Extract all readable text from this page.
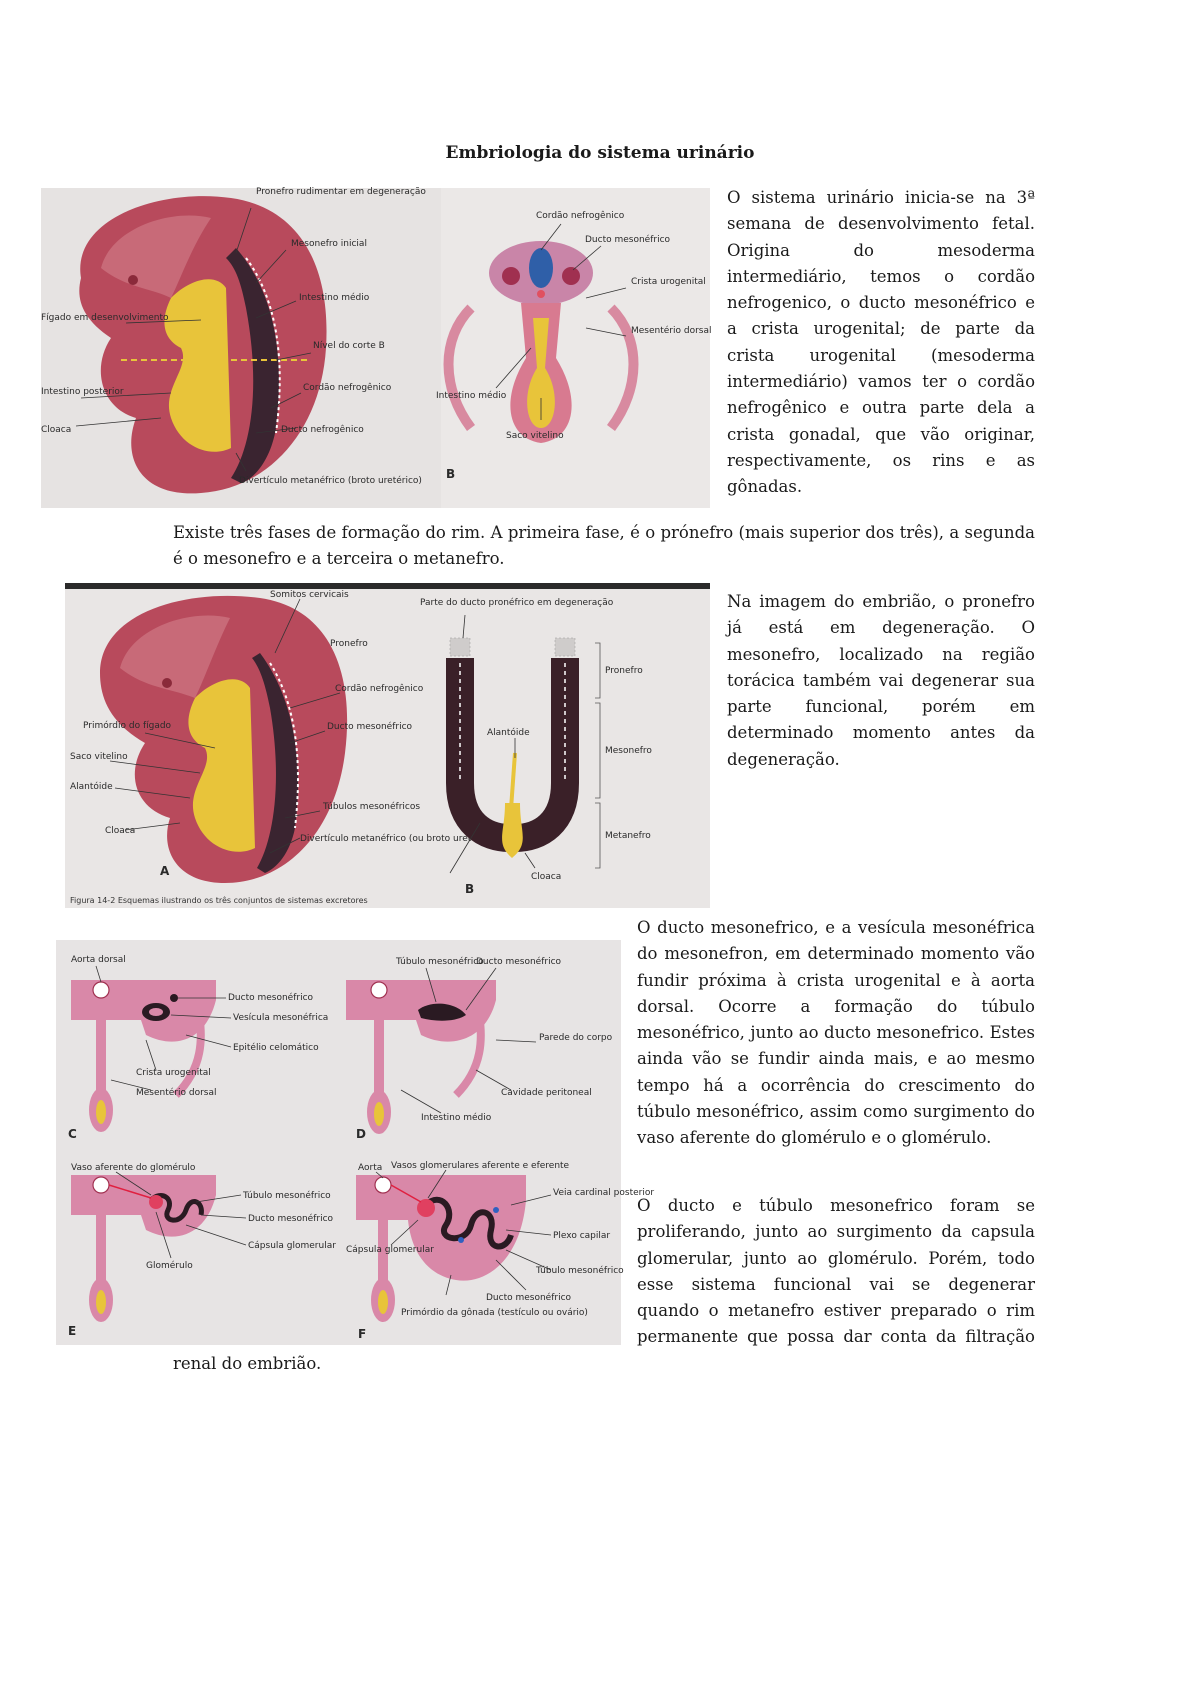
Embriologia do sistema urinário
Pronefro rudimentar em degeneração
Mesonefro inicial
Intestino médio
Fígado em desenvolvimento
Nível do corte B
Intestino posterior	Cordão nefrogênico
Cloaca	Ducto nefrogênico
Divertículo metanéfrico (broto uretérico)
Cordão nefrogênico
Ducto mesonéfrico
Crista urogenital
Mesentério dorsal
Intestino médio
Saco vitelino
B

O sistema urinário inicia-se na 3ª semana de desenvolvimento fetal. Origina do mesoderma intermediário, temos o cordão nefrogenico, o ducto mesonéfrico e a crista urogenital; de parte da crista urogenital (mesoderma intermediário) vamos ter o cordão nefrogênico e outra parte dela a crista gonadal, que vão originar, respectivamente, os rins e as gônadas.

Existe três fases de formação do rim. A primeira fase, é o prónefro (mais superior dos três), a segunda é o mesonefro e a terceira o metanefro.

Somitos cervicais
Pronefro
Cordão nefrogênico
Primórdio do fígado	Ducto mesonéfrico
Saco vitelino
Alantóide
Túbulos mesonéfricos
Cloaca
Divertículo metanéfrico (ou broto uretérico)
A
B
Parte do ducto pronéfrico em degeneração
Alantóide
Cloaca
Pronefro
Mesonefro
Metanefro
Figura 14-2 Esquemas ilustrando os três conjuntos de sistemas excretores

Na imagem do embrião, o pronefro já está em degeneração. O mesonefro, localizado na região torácica também vai degenerar sua parte funcional, porém em determinado momento antes da degeneração.

Aorta dorsal
Ducto mesonéfrico
Vesícula mesonéfrica
Epitélio celomático
Crista urogenital
Mesentério dorsal
C
Túbulo mesonéfrico
Ducto mesonéfrico
Parede do corpo
Cavidade peritoneal
Intestino médio
D
Vaso aferente do glomérulo
Túbulo mesonéfrico
Ducto mesonéfrico
Cápsula glomerular
Glomérulo
E
Aorta Vasos glomerulares aferente e eferente
Veia cardinal posterior
Plexo capilar
Cápsula glomerular
Túbulo mesonéfrico
Ducto mesonéfrico
Primórdio da gônada (testículo ou ovário)
F

O ducto mesonefrico, e a vesícula mesonéfrica do mesonefron, em determinado momento vão fundir próxima à crista urogenital e à aorta dorsal. Ocorre a formação do túbulo mesonéfrico, junto ao ducto mesonefrico. Estes ainda vão se fundir ainda mais, e ao mesmo tempo há a ocorrência do crescimento do túbulo mesonéfrico, assim como surgimento do vaso aferente do glomérulo e o glomérulo.

O ducto e túbulo mesonefrico foram se proliferando, junto ao surgimento da capsula glomerular, junto ao glomérulo. Porém, todo esse sistema funcional vai se degenerar quando o metanefro estiver preparado o rim permanente que possa dar conta da filtração

renal do embrião.
